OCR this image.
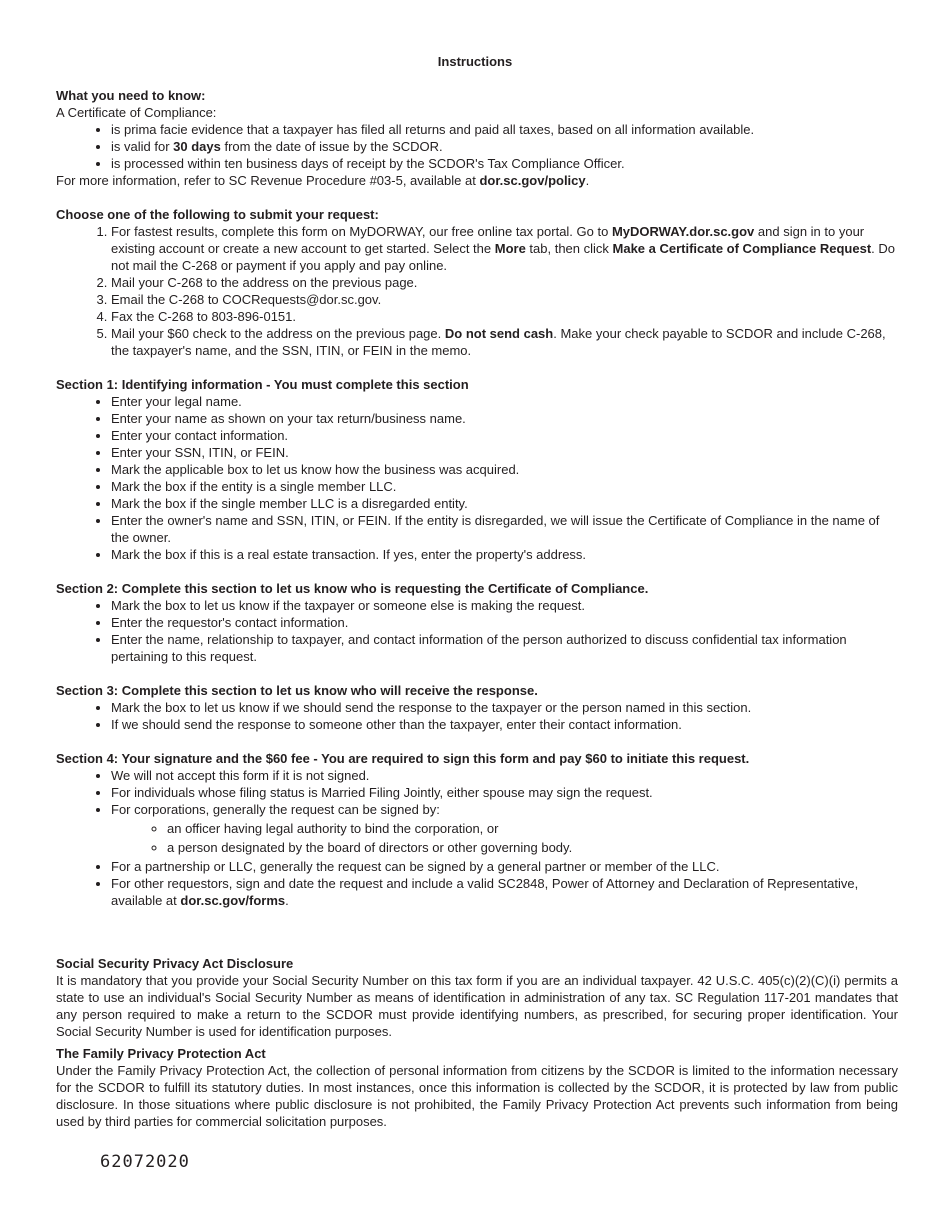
Instructions
What you need to know:
A Certificate of Compliance:
• is prima facie evidence that a taxpayer has filed all returns and paid all taxes, based on all information available.
• is valid for 30 days from the date of issue by the SCDOR.
• is processed within ten business days of receipt by the SCDOR's Tax Compliance Officer.
For more information, refer to SC Revenue Procedure #03-5, available at dor.sc.gov/policy.
Choose one of the following to submit your request:
1. For fastest results, complete this form on MyDORWAY, our free online tax portal. Go to MyDORWAY.dor.sc.gov and sign in to your existing account or create a new account to get started. Select the More tab, then click Make a Certificate of Compliance Request. Do not mail the C-268 or payment if you apply and pay online.
2. Mail your C-268 to the address on the previous page.
3. Email the C-268 to COCRequests@dor.sc.gov.
4. Fax the C-268 to 803-896-0151.
5. Mail your $60 check to the address on the previous page. Do not send cash. Make your check payable to SCDOR and include C-268, the taxpayer's name, and the SSN, ITIN, or FEIN in the memo.
Section 1: Identifying information - You must complete this section
• Enter your legal name.
• Enter your name as shown on your tax return/business name.
• Enter your contact information.
• Enter your SSN, ITIN, or FEIN.
• Mark the applicable box to let us know how the business was acquired.
• Mark the box if the entity is a single member LLC.
• Mark the box if the single member LLC is a disregarded entity.
• Enter the owner's name and SSN, ITIN, or FEIN. If the entity is disregarded, we will issue the Certificate of Compliance in the name of the owner.
• Mark the box if this is a real estate transaction. If yes, enter the property's address.
Section 2: Complete this section to let us know who is requesting the Certificate of Compliance.
• Mark the box to let us know if the taxpayer or someone else is making the request.
• Enter the requestor's contact information.
• Enter the name, relationship to taxpayer, and contact information of the person authorized to discuss confidential tax information pertaining to this request.
Section 3: Complete this section to let us know who will receive the response.
• Mark the box to let us know if we should send the response to the taxpayer or the person named in this section.
• If we should send the response to someone other than the taxpayer, enter their contact information.
Section 4: Your signature and the $60 fee - You are required to sign this form and pay $60 to initiate this request.
• We will not accept this form if it is not signed.
• For individuals whose filing status is Married Filing Jointly, either spouse may sign the request.
• For corporations, generally the request can be signed by:
◦ an officer having legal authority to bind the corporation, or
◦ a person designated by the board of directors or other governing body.
• For a partnership or LLC, generally the request can be signed by a general partner or member of the LLC.
• For other requestors, sign and date the request and include a valid SC2848, Power of Attorney and Declaration of Representative, available at dor.sc.gov/forms.
Social Security Privacy Act Disclosure
It is mandatory that you provide your Social Security Number on this tax form if you are an individual taxpayer. 42 U.S.C. 405(c)(2)(C)(i) permits a state to use an individual's Social Security Number as means of identification in administration of any tax. SC Regulation 117-201 mandates that any person required to make a return to the SCDOR must provide identifying numbers, as prescribed, for securing proper identification. Your Social Security Number is used for identification purposes.
The Family Privacy Protection Act
Under the Family Privacy Protection Act, the collection of personal information from citizens by the SCDOR is limited to the information necessary for the SCDOR to fulfill its statutory duties. In most instances, once this information is collected by the SCDOR, it is protected by law from public disclosure. In those situations where public disclosure is not prohibited, the Family Privacy Protection Act prevents such information from being used by third parties for commercial solicitation purposes.
62072020
